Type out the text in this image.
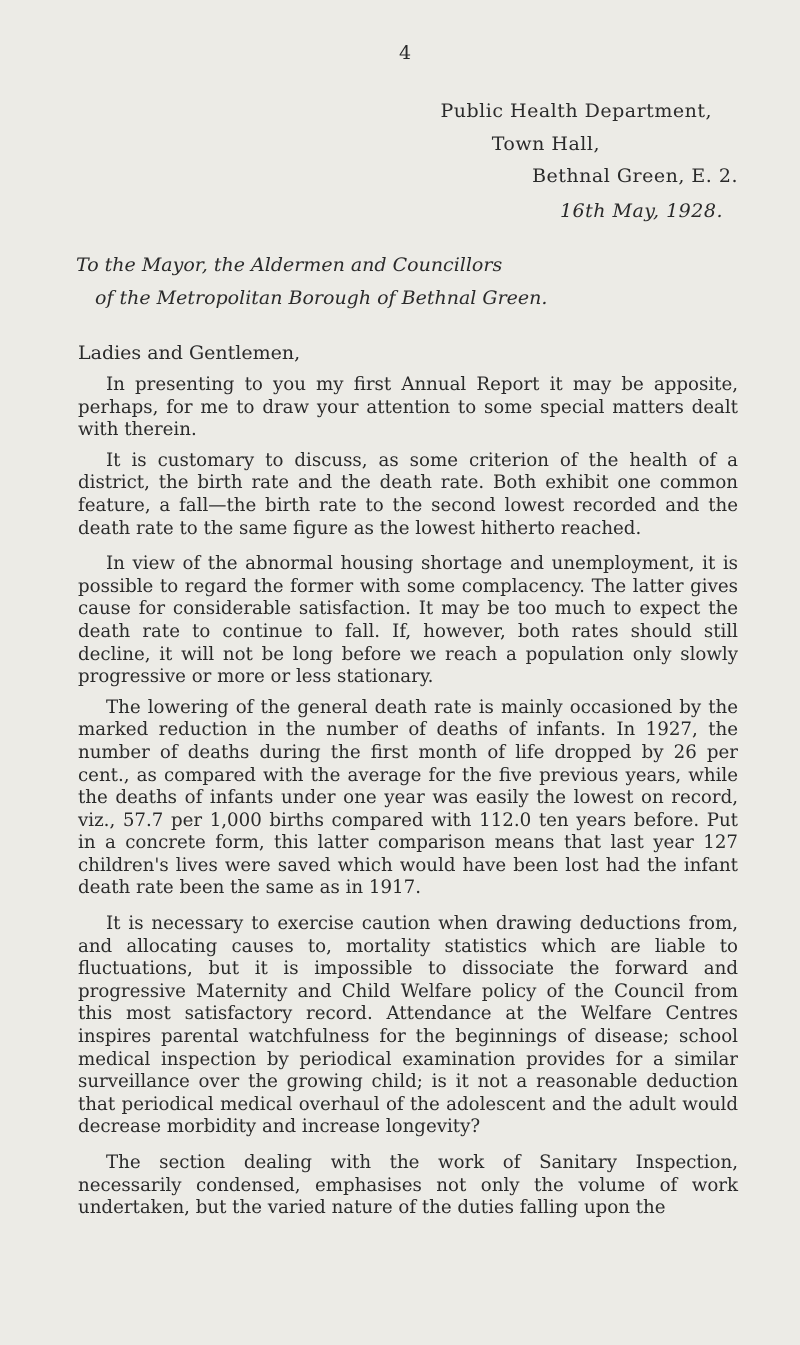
4
Public Health Department,
Town Hall,
Bethnal Green, E. 2.
16th May, 1928.
To the Mayor, the Aldermen and Councillors
of the Metropolitan Borough of Bethnal Green.
Ladies and Gentlemen,

In presenting to you my first Annual Report it may be apposite, perhaps, for me to draw your attention to some special matters dealt with therein.

It is customary to discuss, as some criterion of the health of a district, the birth rate and the death rate. Both exhibit one common feature, a fall—the birth rate to the second lowest recorded and the death rate to the same figure as the lowest hitherto reached.

In view of the abnormal housing shortage and unemployment, it is possible to regard the former with some complacency. The latter gives cause for considerable satisfaction. It may be too much to expect the death rate to continue to fall. If, however, both rates should still decline, it will not be long before we reach a population only slowly progressive or more or less stationary.

The lowering of the general death rate is mainly occasioned by the marked reduction in the number of deaths of infants. In 1927, the number of deaths during the first month of life dropped by 26 per cent., as compared with the average for the five previous years, while the deaths of infants under one year was easily the lowest on record, viz., 57.7 per 1,000 births compared with 112.0 ten years before. Put in a concrete form, this latter comparison means that last year 127 children's lives were saved which would have been lost had the infant death rate been the same as in 1917.

It is necessary to exercise caution when drawing deductions from, and allocating causes to, mortality statistics which are liable to fluctuations, but it is impossible to dissociate the forward and progressive Maternity and Child Welfare policy of the Council from this most satisfactory record. Attendance at the Welfare Centres inspires parental watchfulness for the beginnings of disease; school medical inspection by periodical examination provides for a similar surveillance over the growing child; is it not a reasonable deduction that periodical medical overhaul of the adolescent and the adult would decrease morbidity and increase longevity?

The section dealing with the work of Sanitary Inspection, necessarily condensed, emphasises not only the volume of work undertaken, but the varied nature of the duties falling upon the
